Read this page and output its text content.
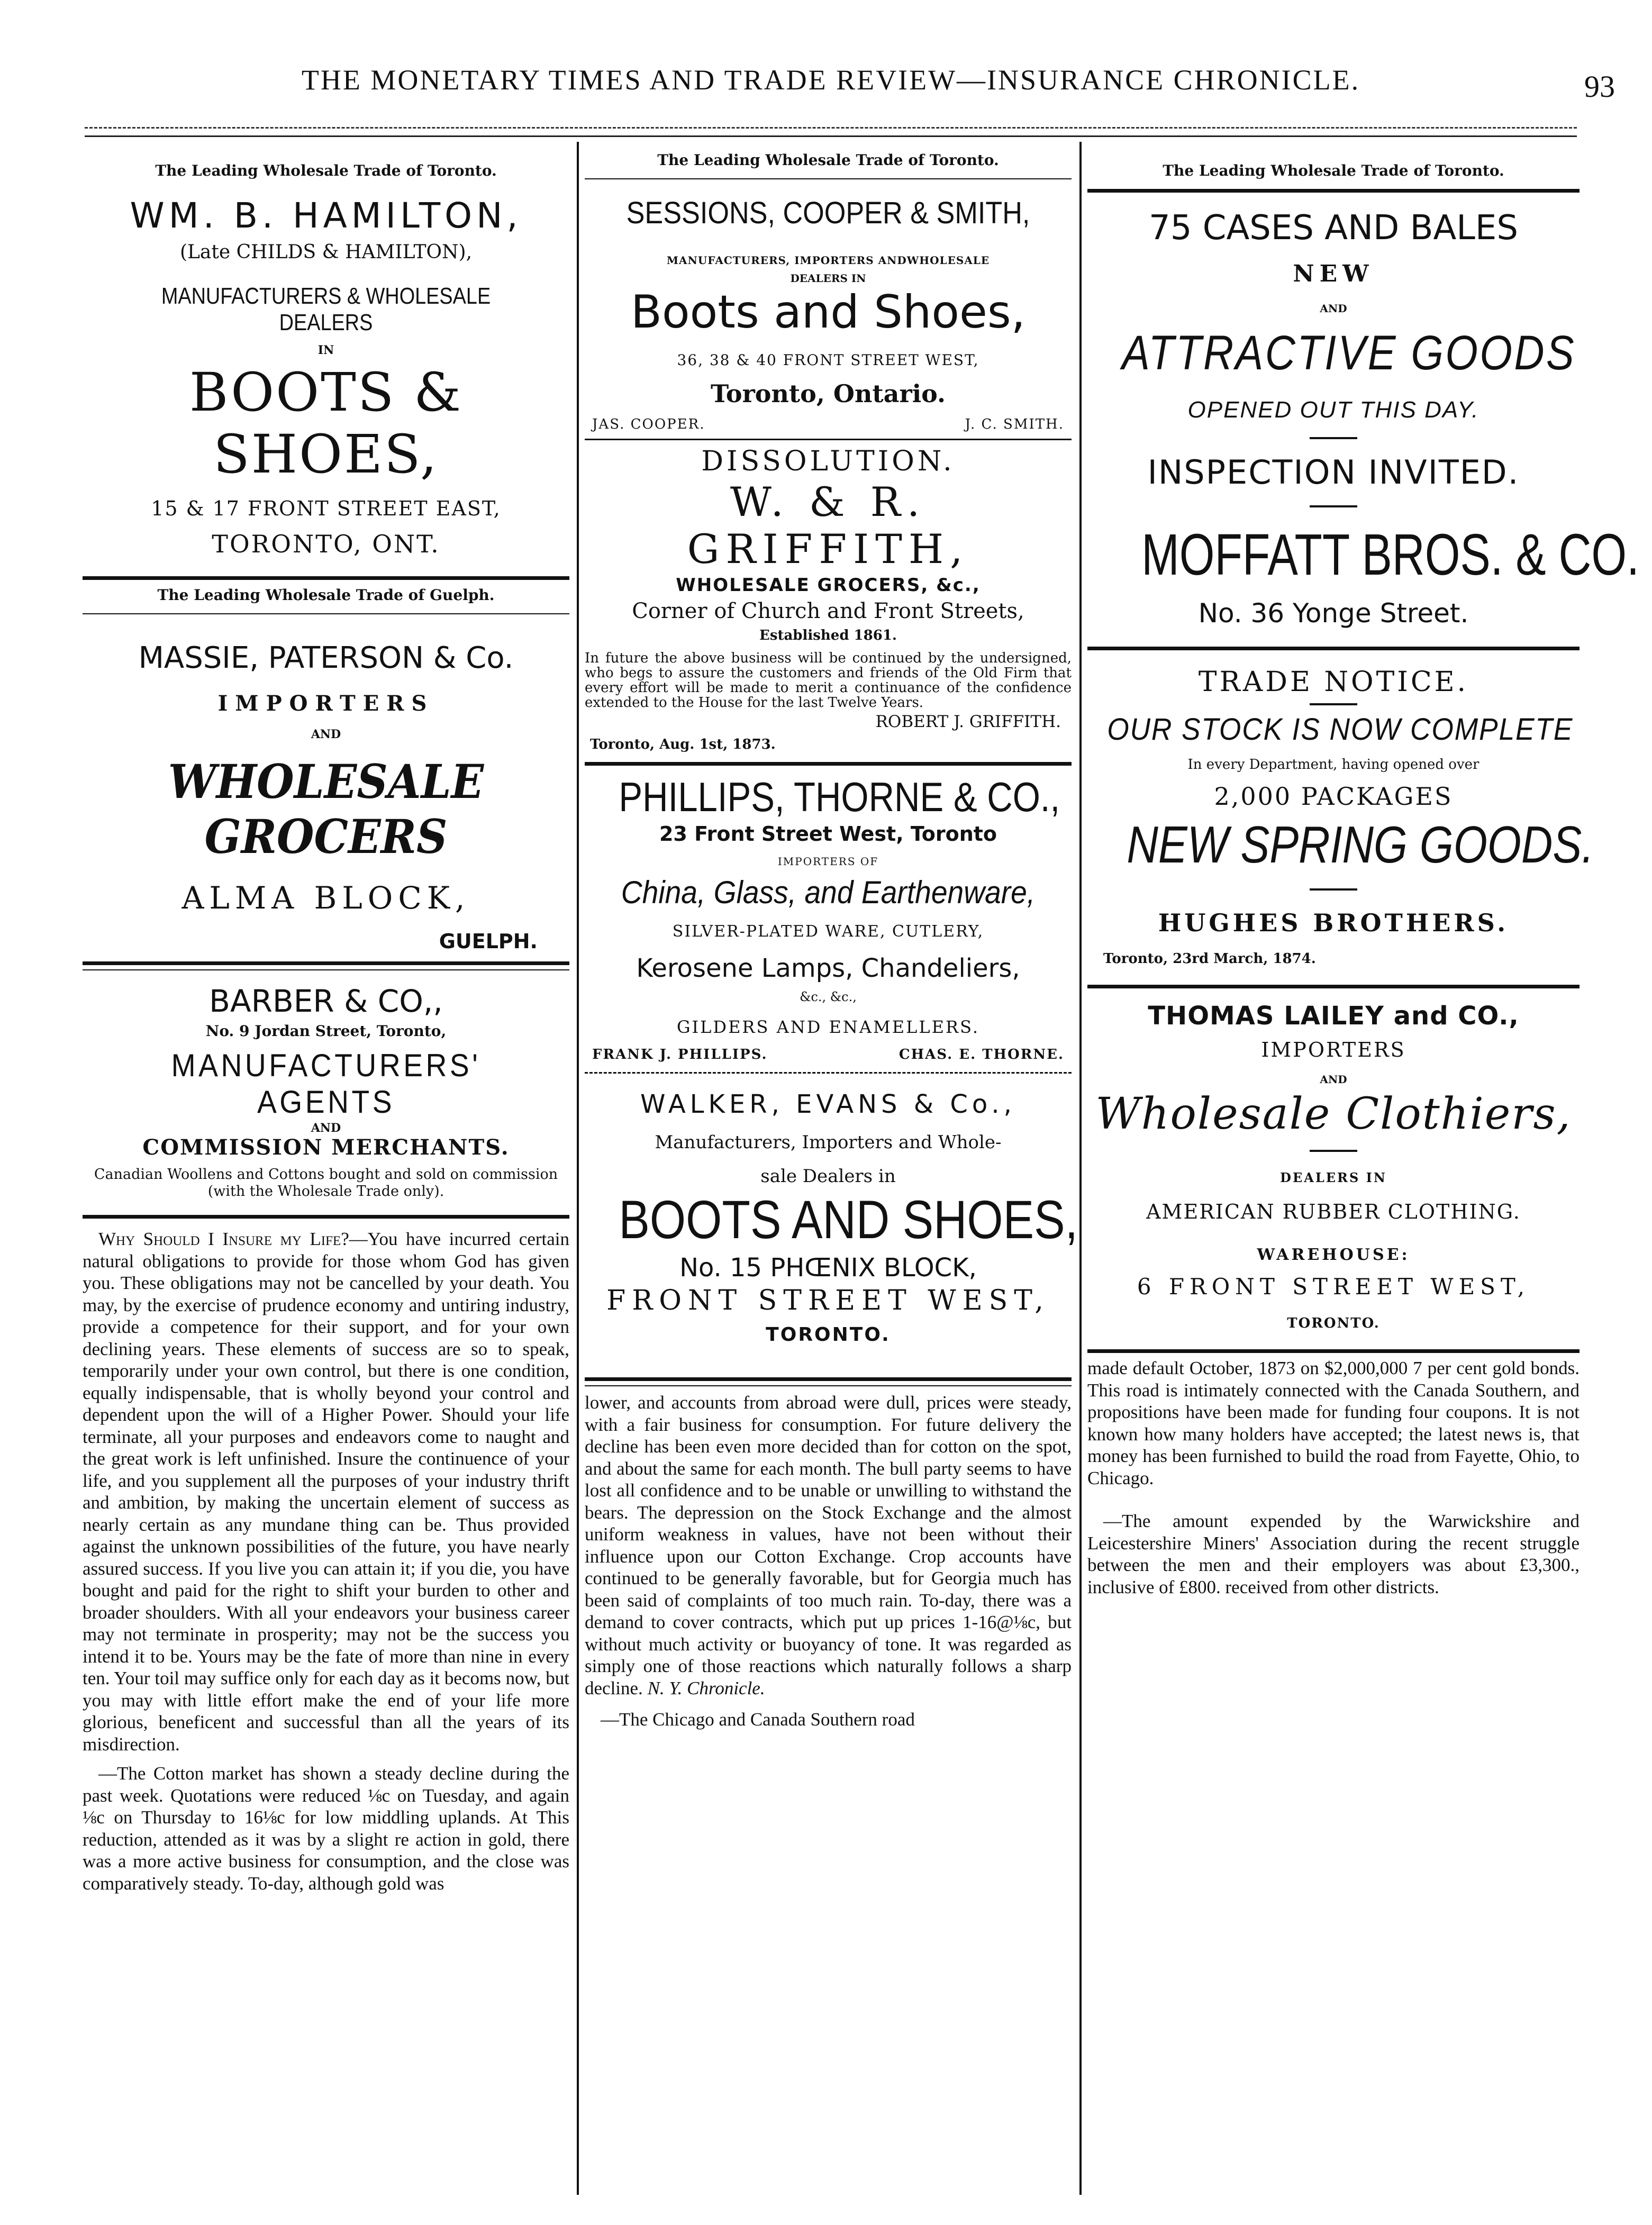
THE MONETARY TIMES AND TRADE REVIEW—INSURANCE CHRONICLE.	93
The Leading Wholesale Trade of Toronto.
WM. B. HAMILTON,
(Late CHILDS & HAMILTON),
MANUFACTURERS & WHOLESALE DEALERS
IN
BOOTS & SHOES,
15 & 17 FRONT STREET EAST,
TORONTO, ONT.
The Leading Wholesale Trade of Guelph.
MASSIE, PATERSON & Co.
IMPORTERS
AND
WHOLESALE GROCERS
ALMA BLOCK,
GUELPH.
BARBER & CO,,
No. 9 Jordan Street, Toronto,
MANUFACTURERS' AGENTS
AND
COMMISSION MERCHANTS.
Canadian Woollens and Cottons bought and sold on commission (with the Wholesale Trade only).

Why Should I Insure my Life?—You have incurred certain natural obligations to provide for those whom God has given you. These obligations may not be cancelled by your death. You may, by the exercise of prudence economy and untiring industry, provide a competence for their support, and for your own declining years. These elements of success are so to speak, temporarily under your own control, but there is one condition, equally indispensable, that is wholly beyond your control and dependent upon the will of a Higher Power. Should your life terminate, all your purposes and endeavors come to naught and the great work is left unfinished. Insure the continuence of your life, and you supplement all the purposes of your industry thrift and ambition, by making the uncertain element of success as nearly certain as any mundane thing can be. Thus provided against the unknown possibilities of the future, you have nearly assured success. If you live you can attain it; if you die, you have bought and paid for the right to shift your burden to other and broader shoulders. With all your endeavors your business career may not terminate in prosperity; may not be the success you intend it to be. Yours may be the fate of more than nine in every ten. Your toil may suffice only for each day as it becoms now, but you may with little effort make the end of your life more glorious, beneficent and successful than all the years of its misdirection.

—The Cotton market has shown a steady decline during the past week. Quotations were reduced ⅛c on Tuesday, and again ⅛c on Thursday to 16⅛c for low middling uplands. At This reduction, attended as it was by a slight re action in gold, there was a more active business for consumption, and the close was comparatively steady. To-day, although gold was

The Leading Wholesale Trade of Toronto.
SESSIONS, COOPER & SMITH,
MANUFACTURERS, IMPORTERS ANDWHOLESALE
DEALERS IN
Boots and Shoes,
36, 38 & 40 FRONT STREET WEST,
Toronto, Ontario.
JAS. COOPER.	J. C. SMITH.
DISSOLUTION.
W. & R. GRIFFITH,
WHOLESALE GROCERS, &c.,
Corner of Church and Front Streets,
Established 1861.
In future the above business will be continued by the undersigned, who begs to assure the customers and friends of the Old Firm that every effort will be made to merit a continuance of the confidence extended to the House for the last Twelve Years.
ROBERT J. GRIFFITH.
Toronto, Aug. 1st, 1873.
PHILLIPS, THORNE & CO.,
23 Front Street West, Toronto
IMPORTERS OF
China, Glass, and Earthenware,
SILVER-PLATED WARE, CUTLERY,
Kerosene Lamps, Chandeliers,
&c., &c.,
GILDERS AND ENAMELLERS.
FRANK J. PHILLIPS.	CHAS. E. THORNE.
WALKER, EVANS & Co.,
Manufacturers, Importers and Whole-
sale Dealers in
BOOTS AND SHOES,
No. 15 PHŒNIX BLOCK,
FRONT STREET WEST,
TORONTO.

lower, and accounts from abroad were dull, prices were steady, with a fair business for consumption. For future delivery the decline has been even more decided than for cotton on the spot, and about the same for each month. The bull party seems to have lost all confidence and to be unable or unwilling to withstand the bears. The depression on the Stock Exchange and the almost uniform weakness in values, have not been without their influence upon our Cotton Exchange. Crop accounts have continued to be generally favorable, but for Georgia much has been said of complaints of too much rain. To-day, there was a demand to cover contracts, which put up prices 1-16@⅛c, but without much activity or buoyancy of tone. It was regarded as simply one of those reactions which naturally follows a sharp decline. N. Y. Chronicle.

—The Chicago and Canada Southern road

The Leading Wholesale Trade of Toronto.
75 CASES AND BALES
NEW
AND
ATTRACTIVE GOODS
OPENED OUT THIS DAY.
INSPECTION INVITED.
MOFFATT BROS. & CO.
No. 36 Yonge Street.
TRADE NOTICE.
OUR STOCK IS NOW COMPLETE
In every Department, having opened over
2,000 PACKAGES
NEW SPRING GOODS.
HUGHES BROTHERS.
Toronto, 23rd March, 1874.
THOMAS LAILEY and CO.,
IMPORTERS
AND
Wholesale Clothiers,
DEALERS IN
AMERICAN RUBBER CLOTHING.
WAREHOUSE:
6 FRONT STREET WEST,
TORONTO.

made default October, 1873 on $2,000,000 7 per cent gold bonds. This road is intimately connected with the Canada Southern, and propositions have been made for funding four coupons. It is not known how many holders have accepted; the latest news is, that money has been furnished to build the road from Fayette, Ohio, to Chicago.

—The amount expended by the Warwickshire and Leicestershire Miners' Association during the recent struggle between the men and their employers was about £3,300., inclusive of £800. received from other districts.
